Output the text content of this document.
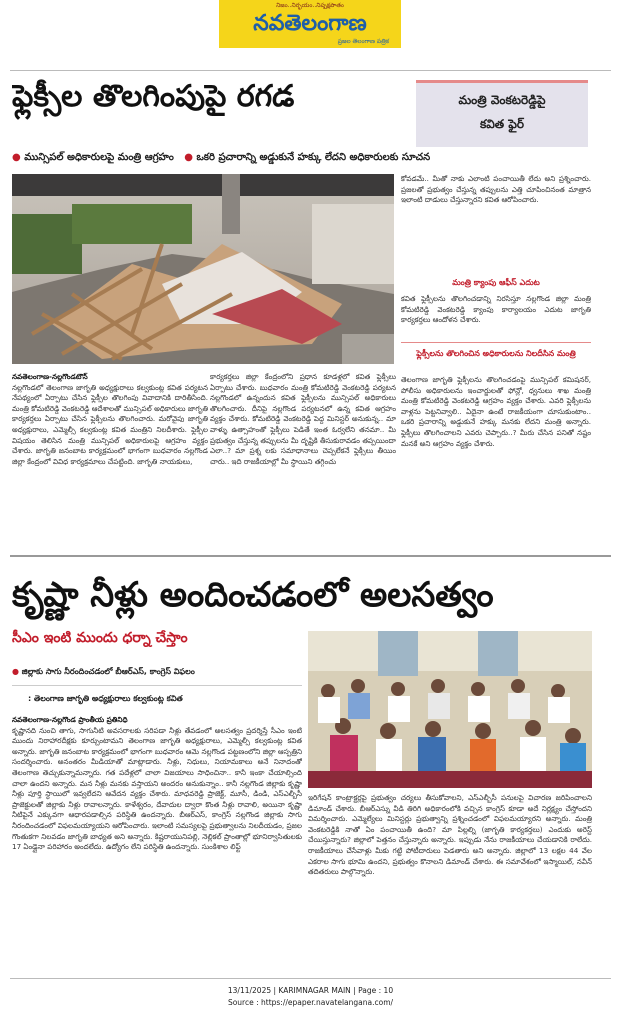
నిజం..నిర్భయం..నిష్పక్షపాతం
నవతెలంగాణ
ప్రజల తెలంగాణ పత్రిక
ఫ్లెక్సీల తొలగింపుపై రగడ	మంత్రి వెంకటరెడ్డిపై
కవిత ఫైర్
● మున్సిపల్ అధికారులపై మంత్రి ఆగ్రహం ● ఒకరి ప్రచారాన్ని అడ్డుకునే హక్కు లేదని అధికారులకు సూచన
నవతెలంగాణ-నల్లగొండటౌన్
నల్లగొండలో తెలంగాణ జాగృతి అధ్యక్షురాలు కల్వకుంట్ల కవిత పర్యటన నేపథ్యంలో ఏర్పాటు చేసిన ఫ్లెక్సీల తొలగింపు వివాదానికి దారితీసింది. మంత్రి కోమటిరెడ్డి వెంకటరెడ్డి ఆదేశాలతో మున్సిపల్ అధికారులు జాగృతి కార్యకర్తలు ఏర్పాటు చేసిన ఫ్లెక్సీలను తొలగించారు. మరోవైపు జాగృతి అధ్యక్షురాలు, ఎమ్మెల్సీ కల్వకుంట్ల కవిత మంత్రిని నిలదీశారు. ఫ్లెక్సీల విషయం తెలిసిన మంత్రి మున్సిపల్ అధికారులపై ఆగ్రహం వ్యక్తం చేశారు. జాగృతి జనంబాట కార్యక్రమంలో భాగంగా బుధవారం నల్లగొండ జిల్లా కేంద్రంలో వివిధ కార్యక్రమాలు చేపట్టింది. జాగృతి నాయకులు,
కార్యకర్తలు జిల్లా కేంద్రంలోని ప్రధాన కూడళ్లలో కవిత ఫ్లెక్సీలు ఏర్పాటు చేశారు. బుధవారం మంత్రి కోమటిరెడ్డి వెంకటరెడ్డి పర్యటన నల్లగొండలో ఉన్నందున కవిత ఫ్లెక్సీలను మున్సిపల్ అధికారులు తొలగించారు. దీనిపై నల్లగొండ పర్యటనలో ఉన్న కవిత ఆగ్రహం వ్యక్తం చేశారు. కోమటిరెడ్డి వెంకటరెడ్డి పెద్ద మినిస్టర్ అనుకున్న.. మా వాళ్ళు ఉత్సాహంతో ఫ్లెక్సీలు పెడితే ఇంత ఓర్వలేని తనమా.. మీ ప్రభుత్వం చేస్తున్న తప్పులను మీ దృష్టికి తీసుకురావడం తప్పయిందా ఎలా..? మా ప్రశ్న లకు సమాధానాలు చెప్పలేకనే ఫ్లెక్సీలు తీయిం చారు.. ఇది రాజకీయాల్లో మీ స్థాయిని తగ్గించు
కోవడమే.. మీతో నాకు ఎలాంటి పంచాయితీ లేదు అని ప్రశ్నించారు. ప్రజలతో ప్రభుత్వం చేస్తున్న తప్పులను ఎత్తి చూపించినంత మాత్రాన ఇలాంటి దాడులు చేస్తున్నారని కవిత ఆరోపించారు.
మంత్రి క్యాంపు ఆఫీస్ ఎదుట
కవిత ఫ్లెక్సీలను తొలగించడాన్ని నిరసిస్తూ నల్లగొండ జిల్లా మంత్రి కోమటిరెడ్డి వెంకటరెడ్డి క్యాంపు కార్యాలయం ఎదుట జాగృతి కార్యకర్తలు ఆందోళన చేశారు.
ఫ్లెక్సీలను తొలగించిన అధికారులను నిలదీసిన మంత్రి
తెలంగాణ జాగృతి ఫ్లెక్సీలను తొలగించడంపై మున్సిపల్ కమిషనర్, పోలీసు అధికారులను ఇంచార్జులతో ఫోన్లో, ధ్వనులు శాఖ మంత్రి మంత్రి కోమటిరెడ్డి వెంకటరెడ్డి ఆగ్రహం వ్యక్తం చేశారు. ఎవరి ఫ్లెక్సీలను వాళ్లను పెట్టనివ్వాలి.. ఏదైనా ఉంటే రాజకీయంగా చూసుకుంటాం.. ఒకరి ప్రచారాన్ని అడ్డుకునే హక్కు మనకు లేదని మంత్రి అన్నారు. ఫ్లెక్సీలు తొలగించాలని ఎవరు చెప్పారు..? మీరు చేసిన పనితో నష్టం మనకే అని ఆగ్రహం వ్యక్తం చేశారు.
కృష్ణా నీళ్లు అందించడంలో అలసత్వం
సీఎం ఇంటి ముందు ధర్నా చేస్తాం
● జిల్లాకు సాగు నీరందించడంలో బీఆర్ఎస్, కాంగ్రెస్ విఫలం
: తెలంగాణ జాగృతి అధ్యక్షురాలు కల్వకుంట్ల కవిత
నవతెలంగాణ-నల్లగొండ ప్రాంతీయ ప్రతినిధి
కృష్ణానది నుంచి తాగు, సాగునీటి అవసరాలకు సరిపడా నీళ్లు తేవడంలో అలసత్వం ప్రదర్శిస్తే సీఎం ఇంటి ముందు నిరాహారదీక్షకు కూర్చుంటామని తెలంగాణ జాగృతి అధ్యక్షురాలు, ఎమ్మెల్సీ కల్వకుంట్ల కవిత అన్నారు. జాగృతి జనంబాట కార్యక్రమంలో భాగంగా బుధవారం ఆమె నల్లగొండ పట్టణంలోని జిల్లా ఆస్పత్రిని సందర్శించారు. అనంతరం మీడియాతో మాట్లాడారు. నీళ్లు, నిధులు, నియామకాలు అనే నినాదంతో తెలంగాణ తెచ్చుకున్నామన్నారు. గత పదేళ్లలో చాలా విజయాలు సాధించినా.. కానీ ఇంకా చేయాల్సింది చాలా ఉందని అన్నారు. మన నీళ్లు మనకు వస్తాయని అందరం అనుకున్నాం.. కానీ నల్లగొండ జిల్లాకు కృష్ణా నీళ్లు పూర్తి స్థాయిలో ఇవ్వలేదని ఆవేదన వ్యక్తం చేశారు. మాధవరెడ్డి ప్రాజెక్ట్, మూసీ, డిండి, ఎస్ఎల్బీసీ ప్రాజెక్టులతో జిల్లాకు నీళ్లు రావాలన్నారు. కాళేశ్వరం, దేవాదుల ద్వారా కొంత నీళ్లు రావాలి, అయినా కృష్ణా నీటిపైనే ఎక్కువగా ఆధారపడాల్సిన పరిస్థితి ఉందన్నారు. బీఆర్ఎస్, కాంగ్రెస్ నల్లగొండ జిల్లాకు సాగు నీరందించడంలో విఫలమయ్యాయని ఆరోపించారు. ఇలాంటి సమస్యలపై ప్రభుత్వాలను నిలదీయడం, ప్రజల గొంతుకగా నిలవడం జాగృతి బాధ్యత అని అన్నారు. కిష్టరాయునిపల్లి, నెల్లికల్ ప్రాంతాల్లో భూనిర్వాసితులకు 17 ఏండ్లైనా పరిహారం అందలేదు. ఉద్యోగం లేని పరిస్థితి ఉందన్నారు. సుంకిశాల లిఫ్ట్
ఇరిగేషన్ కాంట్రాక్టర్లపై ప్రభుత్వం చర్యలు తీసుకోవాలని, ఎస్ఎల్బీసీ పనులపై విచారణ జరిపించాలని డిమాండ్ చేశారు. బీఆర్ఎస్ను వీడి తిరిగి అధికారంలోకి వచ్చిన కాంగ్రెస్ కూడా అదే నిర్లక్ష్యం చేస్తోందని విమర్శించారు. ఎమ్మెల్యేలు మినిస్టర్లు ప్రభుత్వాన్ని ప్రశ్నించడంలో విఫలమయ్యారని అన్నారు. మంత్రి వెంకటరెడ్డికి నాతో ఏం పంచాయితీ ఉంది? మా పిల్లల్ని (జాగృతి కార్యకర్తలు) ఎందుకు అరెస్ట్ చేయిస్తున్నారు? జిల్లాలో పెత్తనం చేస్తున్నారు అన్నారు. ఇప్పుడు నేను రాజకీయాలు చేయడానికి రాలేదు. రాజకీయాలు చేసేవాళ్లు మీకు గట్టి పోటీదారులు పెడతారు అని అన్నారు. జిల్లాలో 13 లక్షల 44 వేల ఎకరాల సాగు భూమి ఉందని, ప్రభుత్వం కొనాలని డిమాండ్ చేశారు. ఈ సమావేశంలో ఇస్మాయిల్, నవీన్ తదితరులు పాల్గొన్నారు.
13/11/2025 | KARIMNAGAR MAIN | Page : 10
Source : https://epaper.navatelangana.com/
